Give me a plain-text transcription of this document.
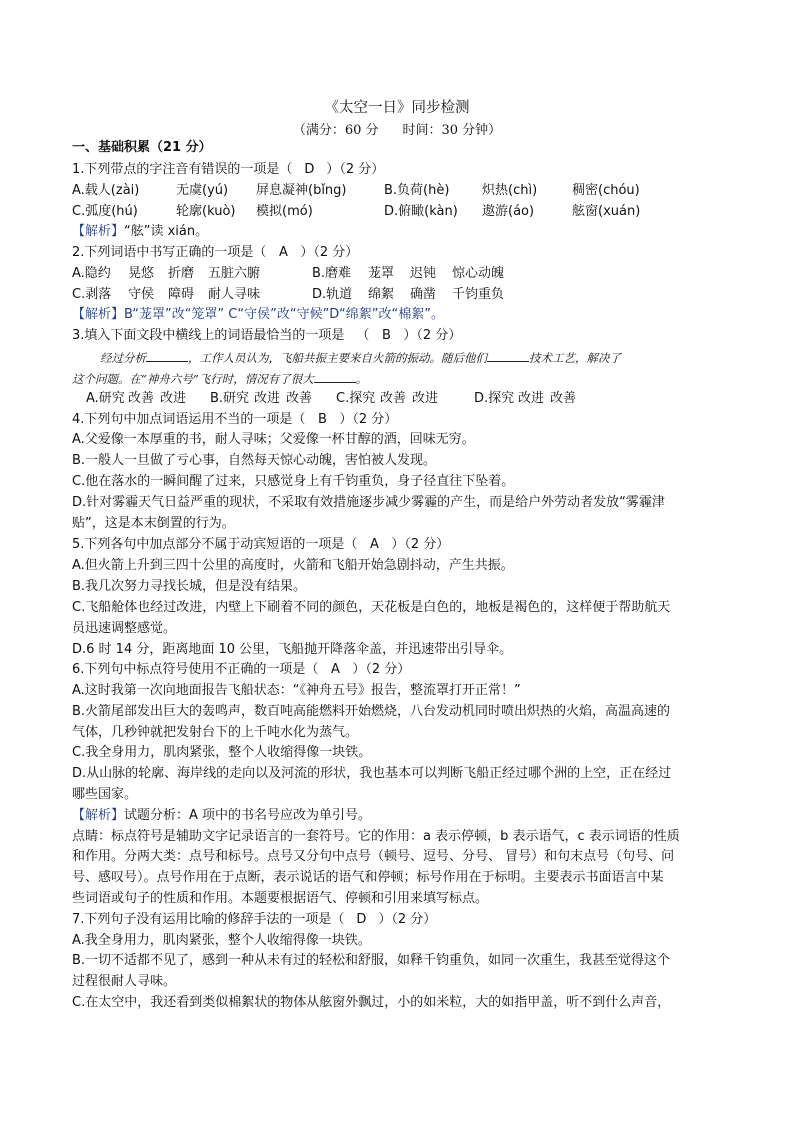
《太空一日》同步检测
（满分：60 分 时间：30 分钟）
一、基础积累（21 分）
1.下列带点的字注音有错误的一项是（ D ）（2 分）
A.载人(zài)	无虞(yú) 屏息凝神(bǐng)	B.负荷(hè)	炽热(chì)	稠密(chóu)
C.弧度(hú)	轮廓(kuò) 模拟(mó)	D.俯瞰(kàn) 遨游(áo)	舷窗(xuán)
【解析】“舷”读 xián。
2.下列词语中书写正确的一项是（ A ）（2 分）
A.隐约 晃悠 折磨 五脏六腑	B.磨难 茏罩 迟钝 惊心动魄
C.剥落 守侯 障碍 耐人寻味	D.轨道 绵絮 确凿 千钧重负
【解析】B“茏罩”改“笼罩” C“守侯”改“守候”D“绵絮”改“棉絮”。
3.填入下面文段中横线上的词语最恰当的一项是 （ B ）（2 分）
经过分析	，工作人员认为，飞船共振主要来自火箭的振动。随后他们	技术工艺，解决了
这个问题。在“神舟六号”飞行时，情况有了很大	。
A.研究 改善 改进 B.研究 改进 改善 C.探究 改善 改进	D.探究 改进 改善
4.下列句中加点词语运用不当的一项是（ B ）（2 分）
A.父爱像一本厚重的书，耐人寻味；父爱像一杯甘醇的酒，回味无穷。
B.一般人一旦做了亏心事，自然每天惊心动魄，害怕被人发现。
C.他在落水的一瞬间醒了过来，只感觉身上有千钧重负，身子径直往下坠着。
D.针对雾霾天气日益严重的现状，不采取有效措施逐步减少雾霾的产生，而是给户外劳动者发放“雾霾津
贴”，这是本末倒置的行为。
5.下列各句中加点部分不属于动宾短语的一项是（ A ）（2 分）
A.但火箭上升到三四十公里的高度时，火箭和飞船开始急剧抖动，产生共振。
B.我几次努力寻找长城，但是没有结果。
C.飞船舱体也经过改进，内壁上下刷着不同的颜色，天花板是白色的，地板是褐色的，这样便于帮助航天
员迅速调整感觉。
D.6 时 14 分，距离地面 10 公里，飞船抛开降落伞盖，并迅速带出引导伞。
6.下列句中标点符号使用不正确的一项是（ A ）（2 分）
A.这时我第一次向地面报告飞船状态：“《神舟五号》报告，整流罩打开正常！”
B.火箭尾部发出巨大的轰鸣声，数百吨高能燃料开始燃烧，八台发动机同时喷出炽热的火焰，高温高速的
气体，几秒钟就把发射台下的上千吨水化为蒸气。
C.我全身用力，肌肉紧张，整个人收缩得像一块铁。
D.从山脉的轮廓、海岸线的走向以及河流的形状，我也基本可以判断飞船正经过哪个洲的上空，正在经过
哪些国家。
【解析】试题分析：A 项中的书名号应改为单引号。
点睛：标点符号是辅助文字记录语言的一套符号。它的作用：a 表示停顿，b 表示语气，c 表示词语的性质
和作用。分两大类：点号和标号。点号又分句中点号（顿号、逗号、分号、 冒号）和句末点号（句号、问
号、感叹号）。点号作用在于点断，表示说话的语气和停顿；标号作用在于标明。主要表示书面语言中某
些词语或句子的性质和作用。本题要根据语气、停顿和引用来填写标点。
7.下列句子没有运用比喻的修辞手法的一项是（ D ）（2 分）
A.我全身用力，肌肉紧张，整个人收缩得像一块铁。
B.一切不适都不见了，感到一种从未有过的轻松和舒服，如释千钧重负，如同一次重生，我甚至觉得这个
过程很耐人寻味。
C.在太空中，我还看到类似棉絮状的物体从舷窗外飘过，小的如米粒，大的如指甲盖，听不到什么声音，
